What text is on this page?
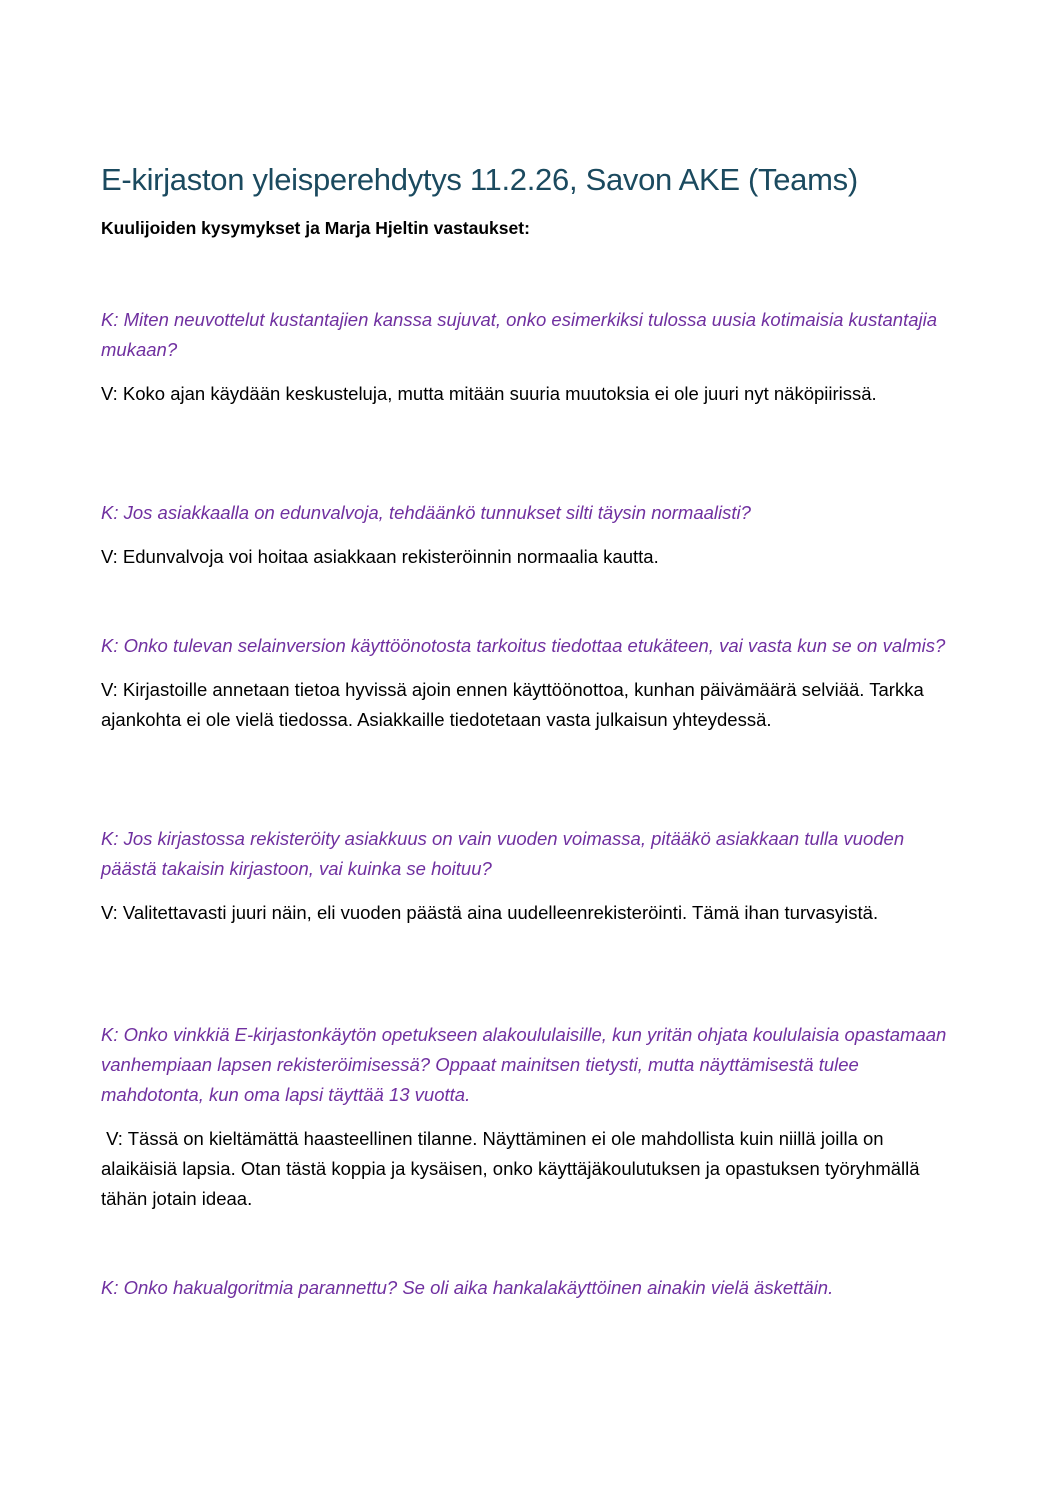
E-kirjaston yleisperehdytys 11.2.26, Savon AKE (Teams)

Kuulijoiden kysymykset ja Marja Hjeltin vastaukset:

K: Miten neuvottelut kustantajien kanssa sujuvat, onko esimerkiksi tulossa uusia kotimaisia kustantajia mukaan?

V: Koko ajan käydään keskusteluja, mutta mitään suuria muutoksia ei ole juuri nyt näköpiirissä.

K: Jos asiakkaalla on edunvalvoja, tehdäänkö tunnukset silti täysin normaalisti?

V: Edunvalvoja voi hoitaa asiakkaan rekisteröinnin normaalia kautta.

K: Onko tulevan selainversion käyttöönotosta tarkoitus tiedottaa etukäteen, vai vasta kun se on valmis?

V: Kirjastoille annetaan tietoa hyvissä ajoin ennen käyttöönottoa, kunhan päivämäärä selviää. Tarkka ajankohta ei ole vielä tiedossa. Asiakkaille tiedotetaan vasta julkaisun yhteydessä.

K: Jos kirjastossa rekisteröity asiakkuus on vain vuoden voimassa, pitääkö asiakkaan tulla vuoden päästä takaisin kirjastoon, vai kuinka se hoituu?

V: Valitettavasti juuri näin, eli vuoden päästä aina uudelleenrekisteröinti. Tämä ihan turvasyistä.

K: Onko vinkkiä E-kirjastonkäytön opetukseen alakoululaisille, kun yritän ohjata koululaisia opastamaan vanhempiaan lapsen rekisteröimisessä? Oppaat mainitsen tietysti, mutta näyttämisestä tulee mahdotonta, kun oma lapsi täyttää 13 vuotta.

V: Tässä on kieltämättä haasteellinen tilanne. Näyttäminen ei ole mahdollista kuin niillä joilla on alaikäisiä lapsia. Otan tästä koppia ja kysäisen, onko käyttäjäkoulutuksen ja opastuksen työryhmällä tähän jotain ideaa.

K: Onko hakualgoritmia parannettu? Se oli aika hankalakäyttöinen ainakin vielä äskettäin.
